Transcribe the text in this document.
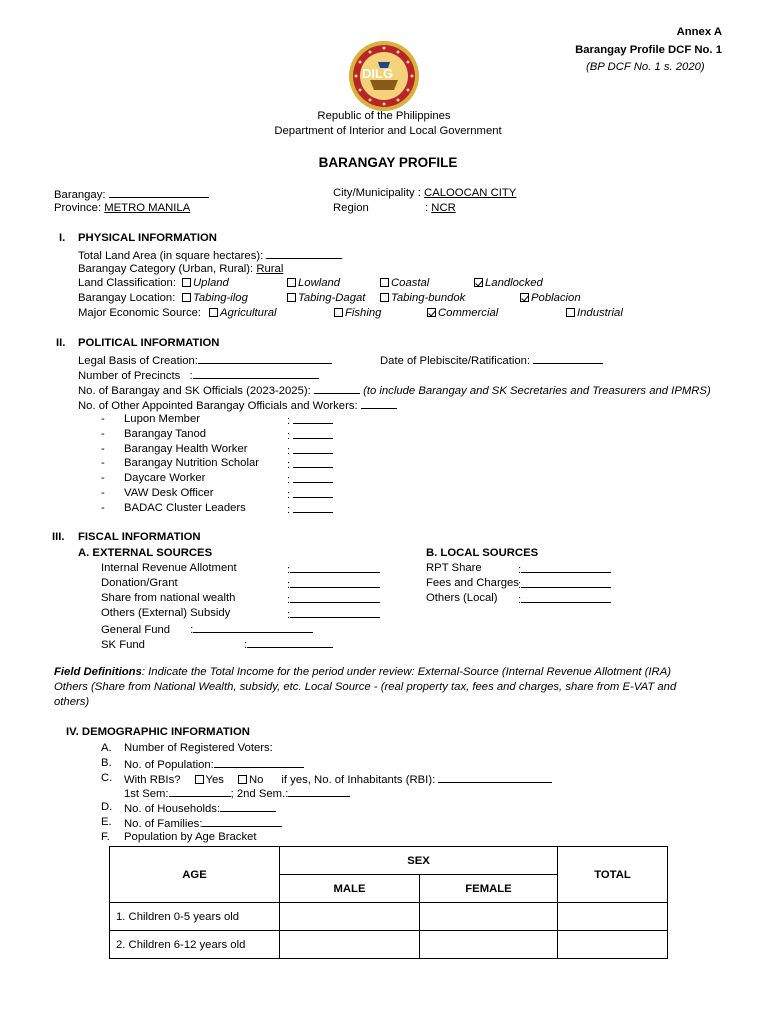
Annex A
Barangay Profile DCF No. 1
(BP DCF No. 1 s. 2020)
DILG
Republic of the Philippines
Department of Interior and Local Government
BARANGAY PROFILE
Barangay:
Province: METRO MANILA
City/Municipality : CALOOCAN CITY
Region	: NCR
I. PHYSICAL INFORMATION
Total Land Area (in square hectares):
Barangay Category (Urban, Rural): Rural
Land Classification:	Upland	Lowland	Coastal	Landlocked
Barangay Location:	Tabing-ilog	Tabing-Dagat	Tabing-bundok	Poblacion
Major Economic Source:	Agricultural	Fishing	Commercial	Industrial
II. POLITICAL INFORMATION
Legal Basis of Creation:	Date of Plebiscite/Ratification:
Number of Precincts :
No. of Barangay and SK Officials (2023-2025):	(to include Barangay and SK Secretaries and Treasurers and IPMRS)
No. of Other Appointed Barangay Officials and Workers:
- Lupon Member	:
- Barangay Tanod	:
- Barangay Health Worker	:
- Barangay Nutrition Scholar :
- Daycare Worker	:
- VAW Desk Officer	:
- BADAC Cluster Leaders	:
III. FISCAL INFORMATION
A. EXTERNAL SOURCES	B. LOCAL SOURCES
Internal Revenue Allotment	:
Donation/Grant	:
Share from national wealth	:
Others (External) Subsidy	:
RPT Share	:
Fees and Charges :
Others (Local) :
General Fund :
SK Fund	:
Field Definitions: Indicate the Total Income for the period under review: External-Source (Internal Revenue Allotment (IRA)
Others (Share from National Wealth, subsidy, etc. Local Source - (real property tax, fees and charges, share from E-VAT and
others)
IV. DEMOGRAPHIC INFORMATION
A. Number of Registered Voters:
B. No. of Population:
C. With RBIs? Yes No if yes, No. of Inhabitants (RBI):
1st Sem:	; 2nd Sem.:
D. No. of Households:
E. No. of Families:
F. Population by Age Bracket
AGE	SEX		TOTAL
	MALE	FEMALE	
1. Children 0-5 years old			
2. Children 6-12 years old			
